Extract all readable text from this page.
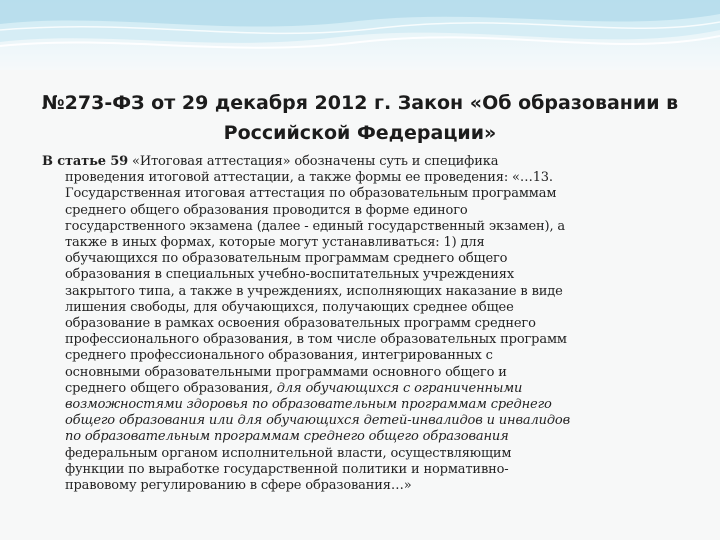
№273-ФЗ от 29 декабря 2012 г. Закон «Об образовании в
Российской Федерации»
В статье 59 «Итоговая аттестация» обозначены суть и специфика
проведения итоговой аттестации, а также формы ее проведения: «…13.
Государственная итоговая аттестация по образовательным программам
среднего общего образования проводится в форме единого
государственного экзамена (далее - единый государственный экзамен), а
также в иных формах, которые могут устанавливаться: 1) для
обучающихся по образовательным программам среднего общего
образования в специальных учебно-воспитательных учреждениях
закрытого типа, а также в учреждениях, исполняющих наказание в виде
лишения свободы, для обучающихся, получающих среднее общее
образование в рамках освоения образовательных программ среднего
профессионального образования, в том числе образовательных программ
среднего профессионального образования, интегрированных с
основными образовательными программами основного общего и
среднего общего образования, для обучающихся с ограниченными
возможностями здоровья по образовательным программам среднего
общего образования или для обучающихся детей-инвалидов и инвалидов
по образовательным программам среднего общего образования
федеральным органом исполнительной власти, осуществляющим
функции по выработке государственной политики и нормативно-
правовому регулированию в сфере образования…»
